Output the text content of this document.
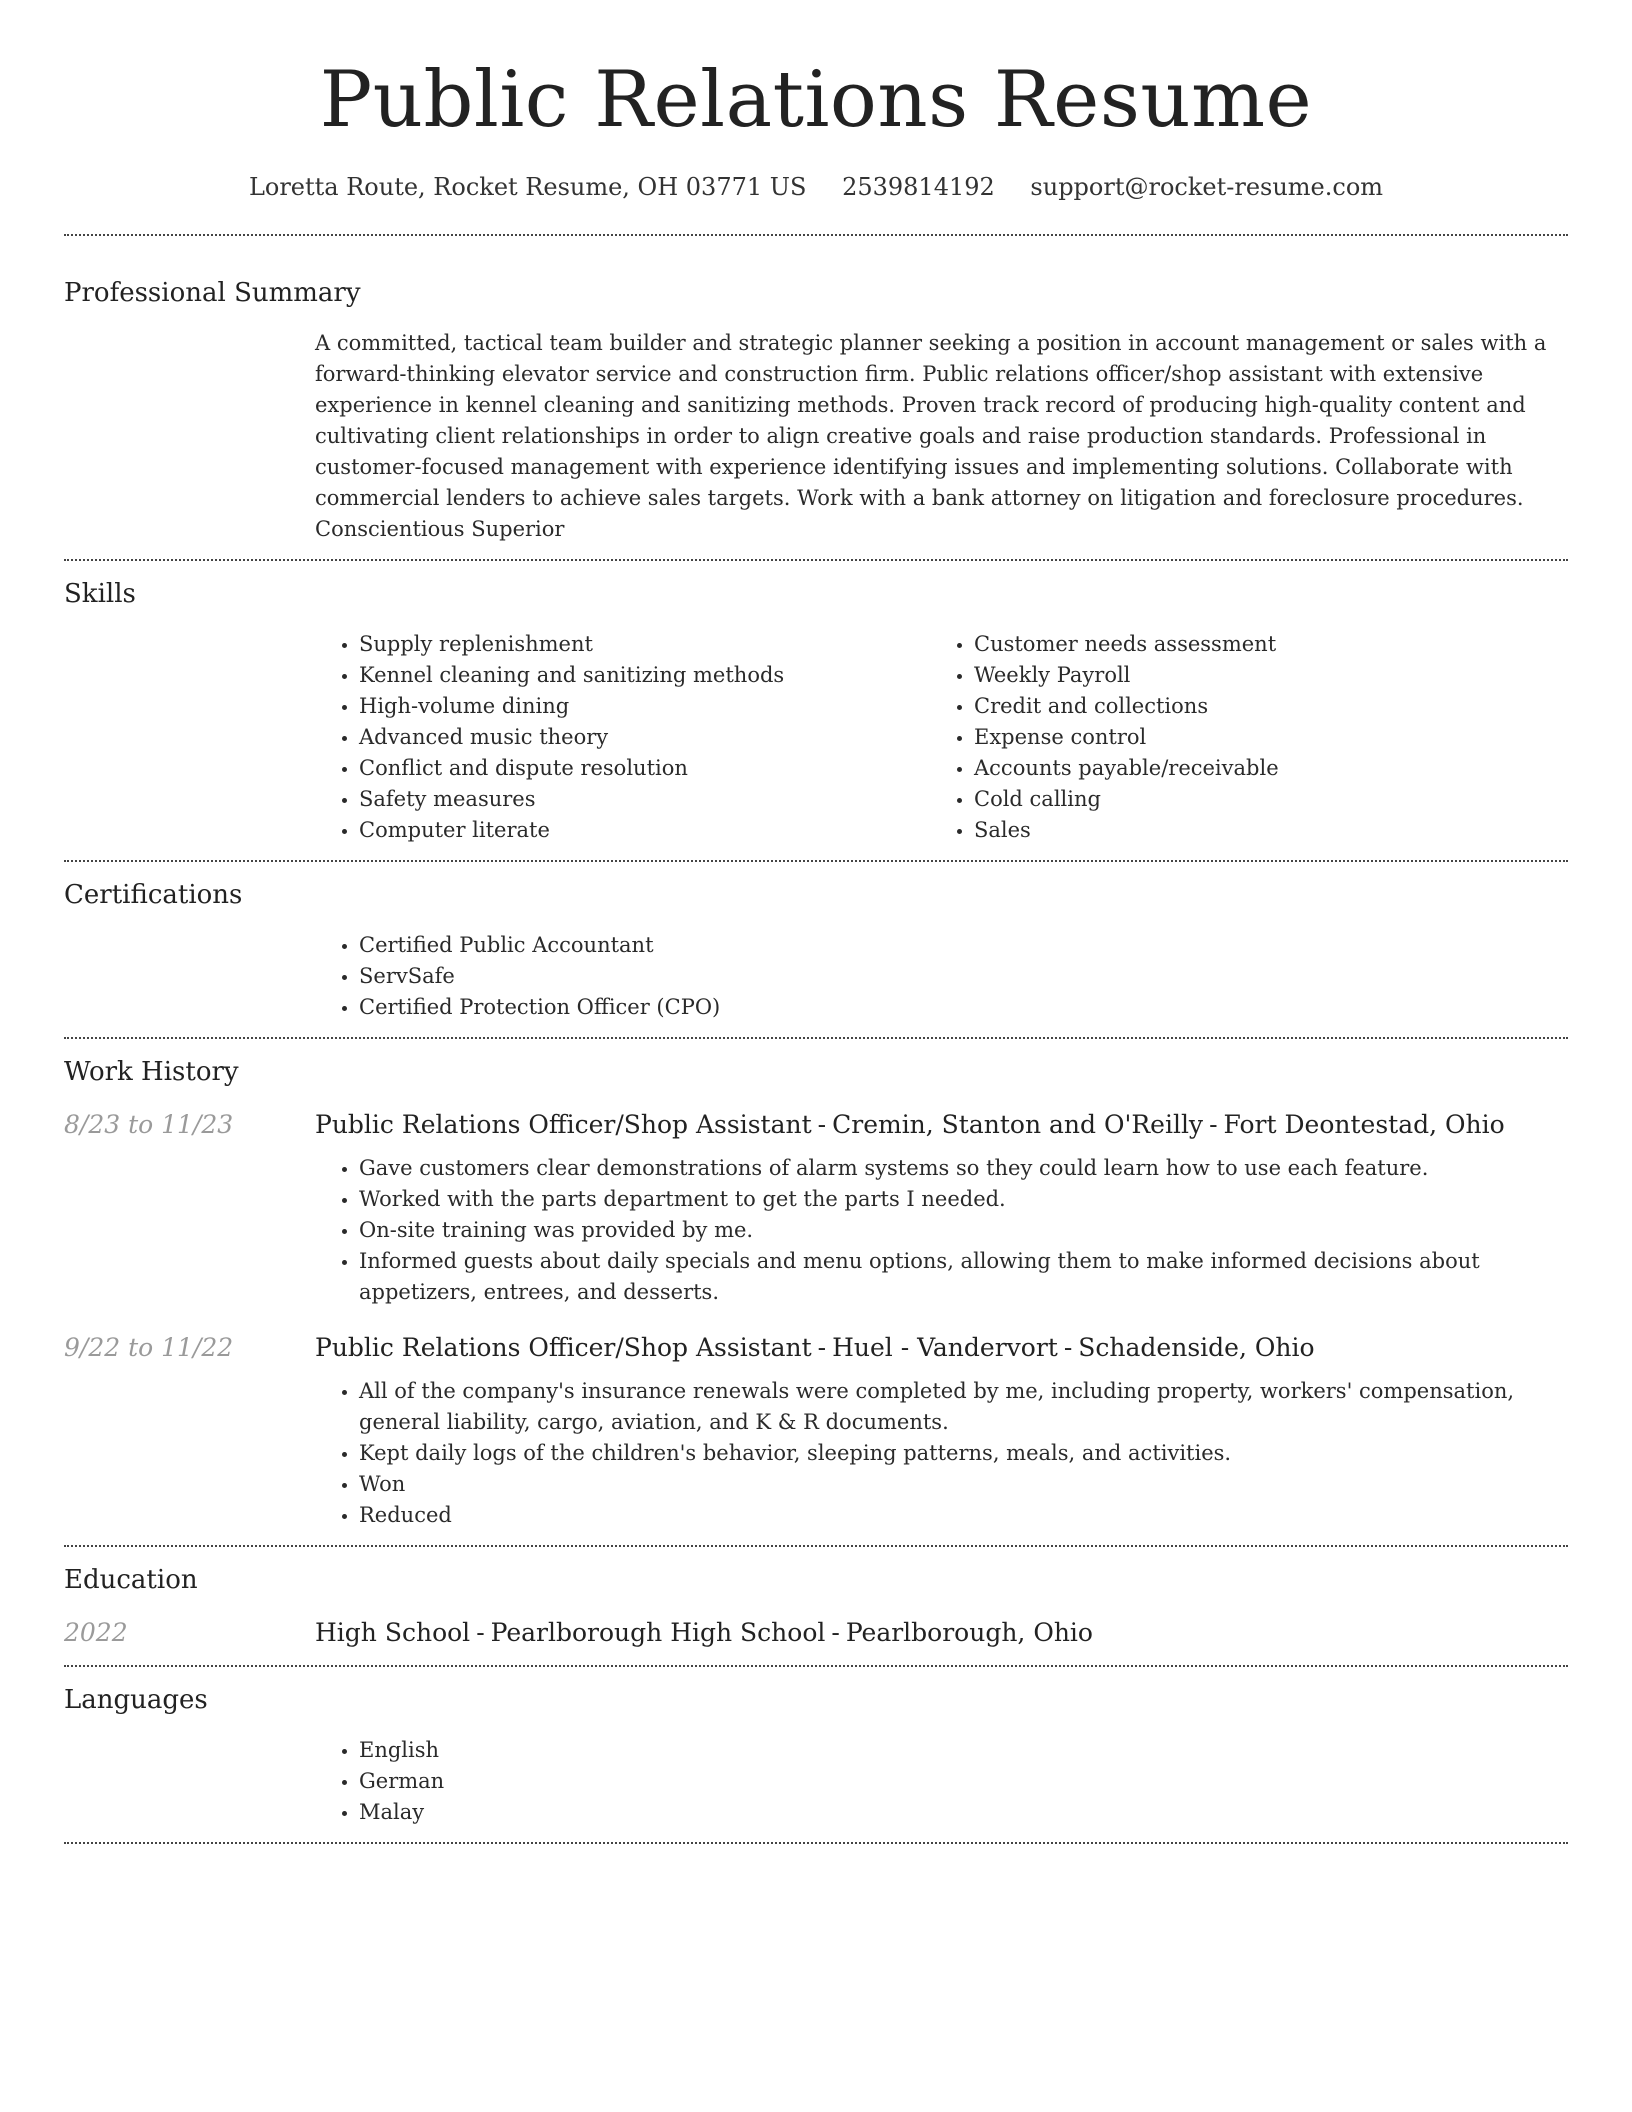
Public Relations Resume
Loretta Route, Rocket Resume, OH 03771 US 2539814192 support@rocket-resume.com
Professional Summary

A committed, tactical team builder and strategic planner seeking a position in account management or sales with a forward-thinking elevator service and construction firm. Public relations officer/shop assistant with extensive experience in kennel cleaning and sanitizing methods. Proven track record of producing high-quality content and cultivating client relationships in order to align creative goals and raise production standards. Professional in customer-focused management with experience identifying issues and implementing solutions. Collaborate with commercial lenders to achieve sales targets. Work with a bank attorney on litigation and foreclosure procedures. Conscientious Superior

Skills
• Supply replenishment
• Kennel cleaning and sanitizing methods
• High-volume dining
• Advanced music theory
• Conflict and dispute resolution
• Safety measures
• Computer literate
• Customer needs assessment
• Weekly Payroll
• Credit and collections
• Expense control
• Accounts payable/receivable
• Cold calling
• Sales
Certifications
• Certified Public Accountant
• ServSafe
• Certified Protection Officer (CPO)
Work History
8/23 to 11/23	Public Relations Officer/Shop Assistant - Cremin, Stanton and O'Reilly - Fort Deontestad, Ohio
• Gave customers clear demonstrations of alarm systems so they could learn how to use each feature.
• Worked with the parts department to get the parts I needed.
• On-site training was provided by me.
• Informed guests about daily specials and menu options, allowing them to make informed decisions about appetizers, entrees, and desserts.
9/22 to 11/22	Public Relations Officer/Shop Assistant - Huel - Vandervort - Schadenside, Ohio
• All of the company's insurance renewals were completed by me, including property, workers' compensation, general liability, cargo, aviation, and K & R documents.
• Kept daily logs of the children's behavior, sleeping patterns, meals, and activities.
• Won
• Reduced
Education
2022	High School - Pearlborough High School - Pearlborough, Ohio
Languages
• English
• German
• Malay
